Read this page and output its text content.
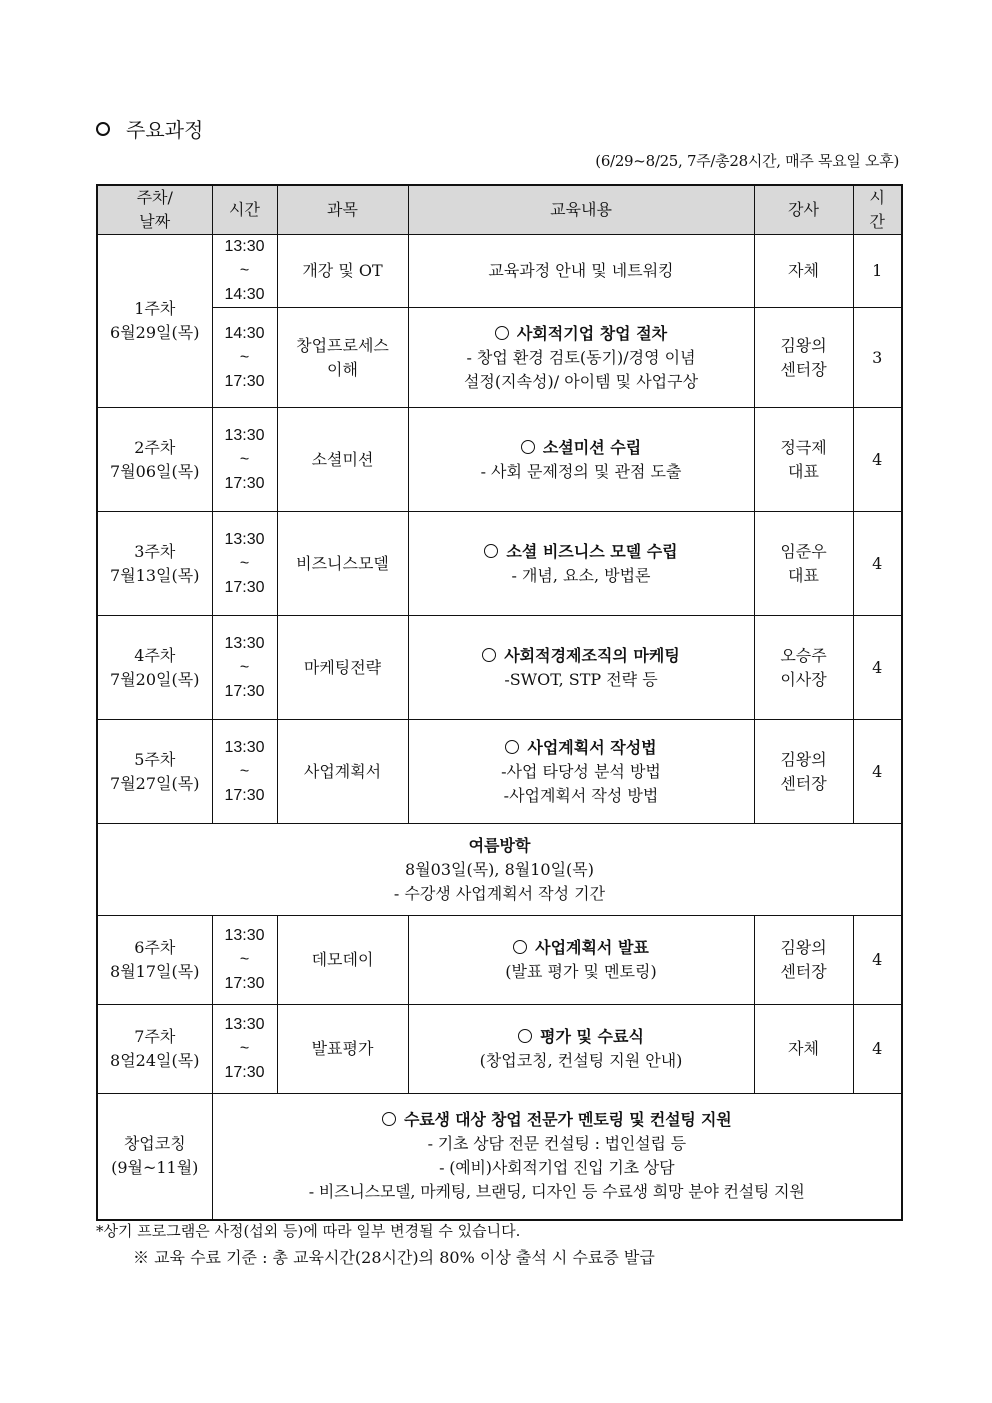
주요과정
(6/29~8/25, 7주/총28시간, 매주 목요일 오후)
주차/
날짜	시간	과목	교육내용	강사	시
간

1주차
6월29일(목)	13:30
~
14:30	개강 및 OT	교육과정 안내 및 네트워킹	자체	1

	14:30
~
17:30	창업프로세스
이해	사회적기업 창업 절차
- 창업 환경 검토(동기)/경영 이념
설정(지속성)/ 아이템 및 사업구상	김왕의
센터장	3

2주차
7월06일(목)	13:30
~
17:30	소셜미션	소셜미션 수립
- 사회 문제정의 및 관점 도출	정극제
대표	4

3주차
7월13일(목)	13:30
~
17:30	비즈니스모델	소셜 비즈니스 모델 수립
- 개념, 요소, 방법론	임준우
대표	4

4주차
7월20일(목)	13:30
~
17:30	마케팅전략	사회적경제조직의 마케팅
-SWOT, STP 전략 등	오승주
이사장	4

5주차
7월27일(목)	13:30
~
17:30	사업계획서	사업계획서 작성법
-사업 타당성 분석 방법
-사업계획서 작성 방법	김왕의
센터장	4

여름방학
8월03일(목), 8월10일(목)
- 수강생 사업계획서 작성 기간					

6주차
8월17일(목)	13:30
~
17:30	데모데이	사업계획서 발표
(발표 평가 및 멘토링)	김왕의
센터장	4

7주차
8얼24일(목)	13:30
~
17:30	발표평가	평가 및 수료식
(창업코칭, 컨설팅 지원 안내)	자체	4

창업코칭
(9월~11월)	수료생 대상 창업 전문가 멘토링 및 컨설팅 지원
- 기초 상담 전문 컨설팅 : 법인설립 등
- (예비)사회적기업 진입 기초 상담
- 비즈니스모델, 마케팅, 브랜딩, 디자인 등 수료생 희망 분야 컨설팅 지원				
*상기 프로그램은 사정(섭외 등)에 따라 일부 변경될 수 있습니다.
※ 교육 수료 기준 : 총 교육시간(28시간)의 80% 이상 출석 시 수료증 발급
